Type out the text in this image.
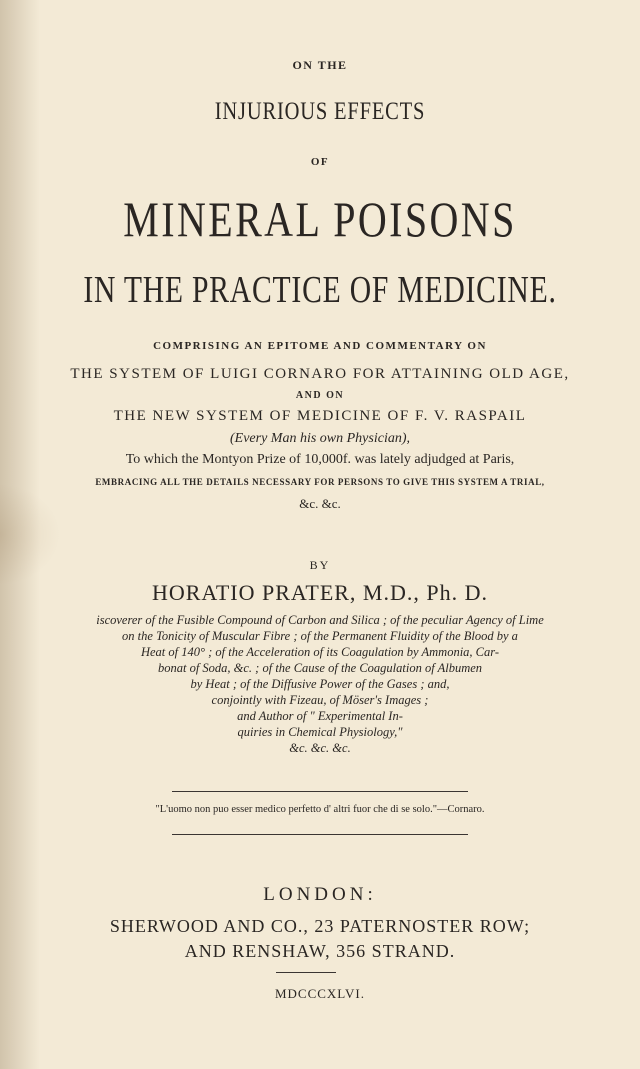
ON THE
INJURIOUS EFFECTS
OF
MINERAL POISONS
IN THE PRACTICE OF MEDICINE.
COMPRISING AN EPITOME AND COMMENTARY ON
THE SYSTEM OF LUIGI CORNARO FOR ATTAINING OLD AGE,
AND ON
THE NEW SYSTEM OF MEDICINE OF F. V. RASPAIL
(Every Man his own Physician),
To which the Montyon Prize of 10,000f. was lately adjudged at Paris,
EMBRACING ALL THE DETAILS NECESSARY FOR PERSONS TO GIVE THIS SYSTEM A TRIAL,
&c. &c.
BY
HORATIO PRATER, M.D., Ph. D.
iscoverer of the Fusible Compound of Carbon and Silica ; of the peculiar Agency of Lime
on the Tonicity of Muscular Fibre ; of the Permanent Fluidity of the Blood by a
Heat of 140° ; of the Acceleration of its Coagulation by Ammonia, Car-
bonat of Soda, &c. ; of the Cause of the Coagulation of Albumen
by Heat ; of the Diffusive Power of the Gases ; and,
conjointly with Fizeau, of Möser's Images ;
and Author of " Experimental In-
quiries in Chemical Physiology,"
&c. &c. &c.
"L'uomo non puo esser medico perfetto d' altri fuor che di se solo."—Cornaro.
LONDON:
SHERWOOD AND CO., 23 PATERNOSTER ROW;
AND RENSHAW, 356 STRAND.
MDCCCXLVI.
